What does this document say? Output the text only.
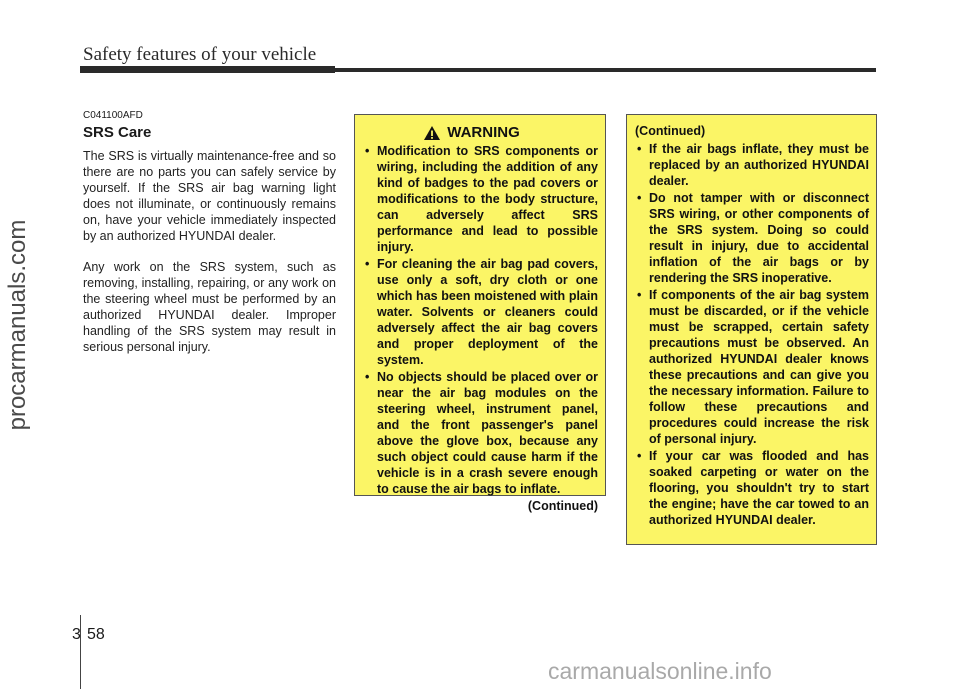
Safety features of your vehicle
procarmanuals.com
C041100AFD
SRS Care
The SRS is virtually maintenance-free and so there are no parts you can safely service by yourself. If the SRS air bag warning light does not illuminate, or continuously remains on, have your vehicle immediately inspected by an authorized HYUNDAI dealer.
Any work on the SRS system, such as removing, installing, repairing, or any work on the steering wheel must be performed by an authorized HYUNDAI dealer. Improper handling of the SRS system may result in serious personal injury.
WARNING
• Modification to SRS components or wiring, including the addition of any kind of badges to the pad covers or modifications to the body structure, can adversely affect SRS performance and lead to possible injury.
• For cleaning the air bag pad covers, use only a soft, dry cloth or one which has been moistened with plain water. Solvents or cleaners could adversely affect the air bag covers and proper deployment of the system.
• No objects should be placed over or near the air bag modules on the steering wheel, instrument panel, and the front passenger's panel above the glove box, because any such object could cause harm if the vehicle is in a crash severe enough to cause the air bags to inflate.
(Continued)
(Continued)
• If the air bags inflate, they must be replaced by an authorized HYUNDAI dealer.
• Do not tamper with or disconnect SRS wiring, or other components of the SRS system. Doing so could result in injury, due to accidental inflation of the air bags or by rendering the SRS inoperative.
• If components of the air bag system must be discarded, or if the vehicle must be scrapped, certain safety precautions must be observed. An authorized HYUNDAI dealer knows these precautions and can give you the necessary information. Failure to follow these precautions and procedures could increase the risk of personal injury.
• If your car was flooded and has soaked carpeting or water on the flooring, you shouldn't try to start the engine; have the car towed to an authorized HYUNDAI dealer.
3 58
carmanualsonline.info
